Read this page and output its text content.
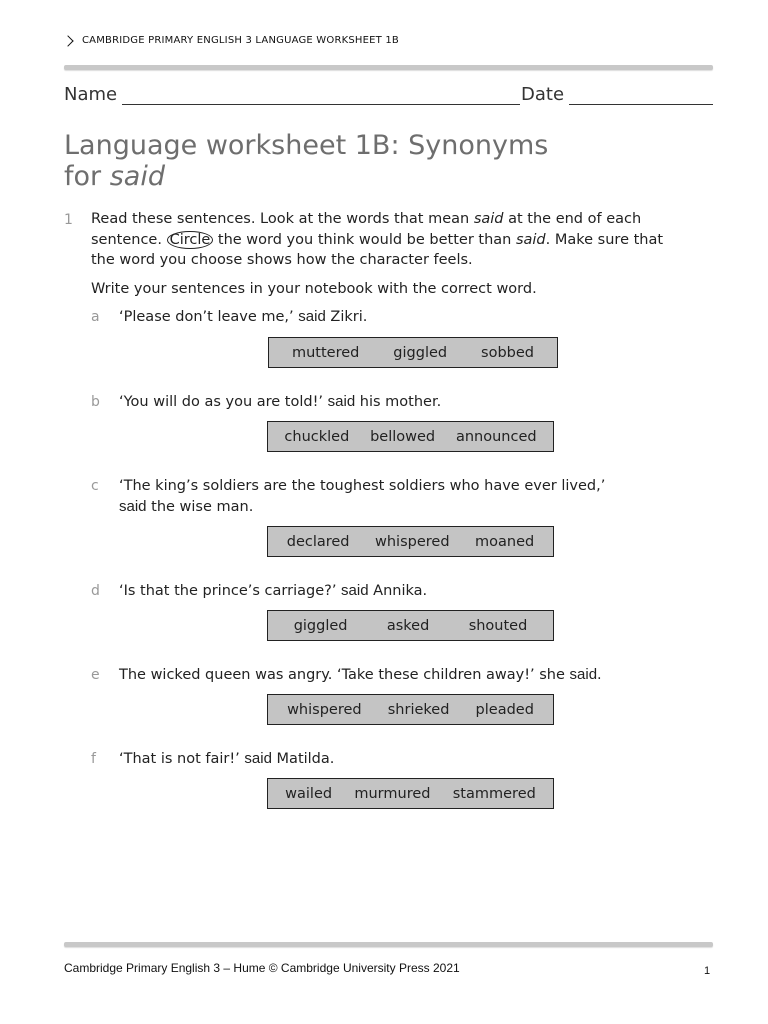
CAMBRIDGE PRIMARY ENGLISH 3 LANGUAGE WORKSHEET 1B
Name	Date
Language worksheet 1B: Synonyms
for said
1 Read these sentences. Look at the words that mean said at the end of each sentence. Circle the word you think would be better than said. Make sure that the word you choose shows how the character feels.
Write your sentences in your notebook with the correct word.
a ‘Please don’t leave me,’ said Zikri.
muttered giggled sobbed
b ‘You will do as you are told!’ said his mother.
chuckled bellowed announced
c ‘The king’s soldiers are the toughest soldiers who have ever lived,’ said the wise man.
declared whispered moaned
d ‘Is that the prince’s carriage?’ said Annika.
giggled	asked	shouted
e The wicked queen was angry. ‘Take these children away!’ she said.
whispered shrieked pleaded
f ‘That is not fair!’ said Matilda.
wailed murmured stammered
Cambridge Primary English 3 – Hume © Cambridge University Press 2021	1
